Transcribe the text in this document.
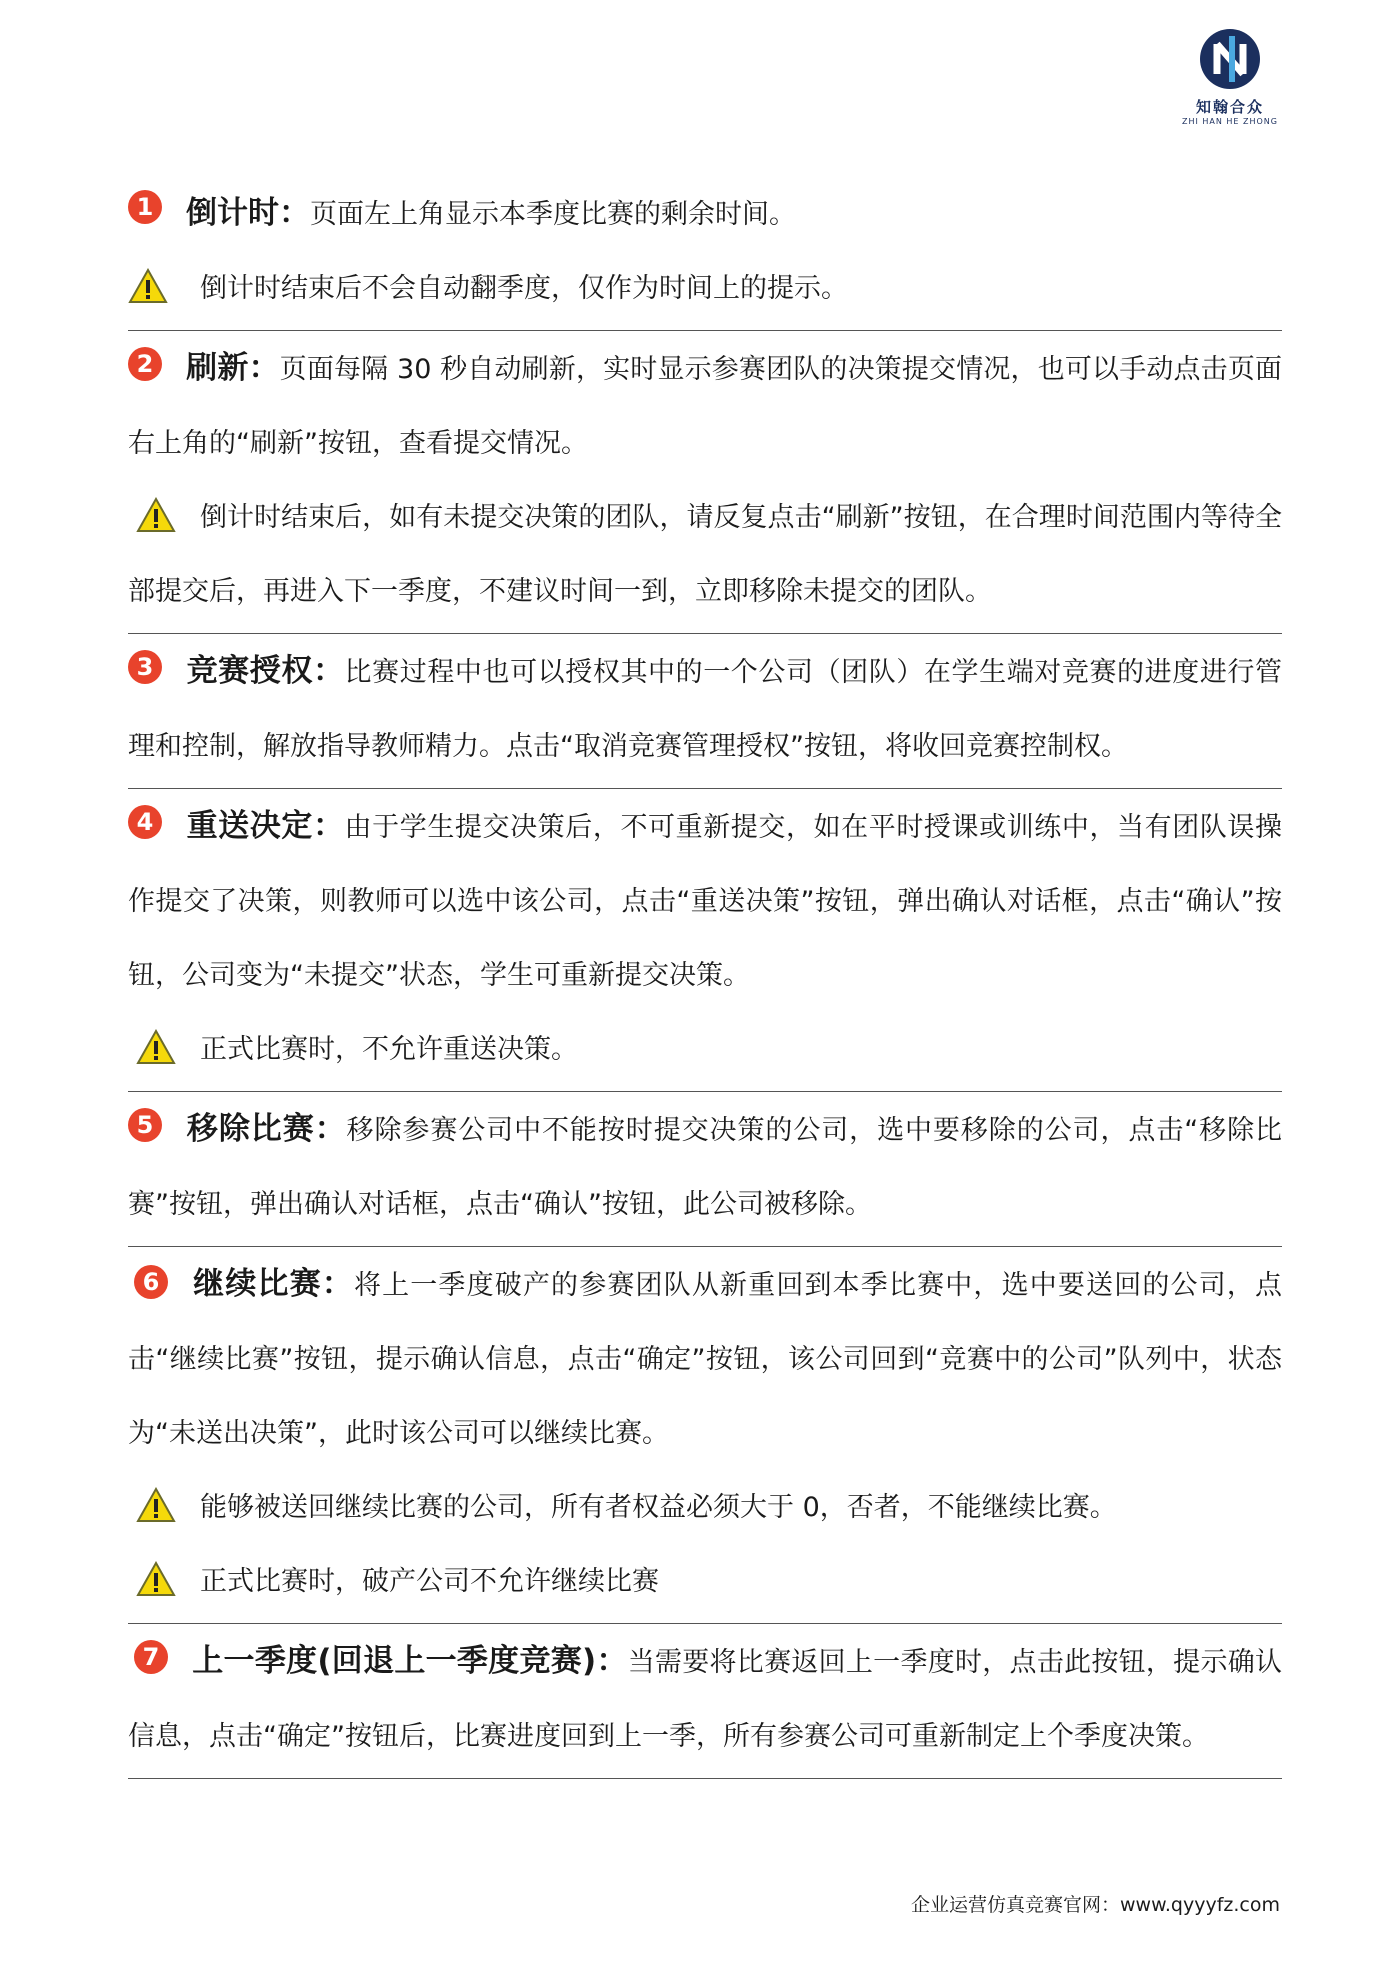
知翰合众
ZHI HAN HE ZHONG
1	倒计时：页面左上角显示本季度比赛的剩余时间。

倒计时结束后不会自动翻季度，仅作为时间上的提示。

2	刷新：页面每隔 30 秒自动刷新，实时显示参赛团队的决策提交情况，也可以手动点击页面右上角的“刷新”按钮，查看提交情况。

倒计时结束后，如有未提交决策的团队，请反复点击“刷新”按钮，在合理时间范围内等待全部提交后，再进入下一季度，不建议时间一到，立即移除未提交的团队。

3	竞赛授权：比赛过程中也可以授权其中的一个公司（团队）在学生端对竞赛的进度进行管理和控制，解放指导教师精力。点击“取消竞赛管理授权”按钮，将收回竞赛控制权。

4	重送决定：由于学生提交决策后，不可重新提交，如在平时授课或训练中，当有团队误操作提交了决策，则教师可以选中该公司，点击“重送决策”按钮，弹出确认对话框，点击“确认”按钮，公司变为“未提交”状态，学生可重新提交决策。

正式比赛时，不允许重送决策。

5	移除比赛：移除参赛公司中不能按时提交决策的公司，选中要移除的公司，点击“移除比赛”按钮，弹出确认对话框，点击“确认”按钮，此公司被移除。

6	继续比赛：将上一季度破产的参赛团队从新重回到本季比赛中，选中要送回的公司，点击“继续比赛”按钮，提示确认信息，点击“确定”按钮，该公司回到“竞赛中的公司”队列中，状态为“未送出决策”，此时该公司可以继续比赛。

能够被送回继续比赛的公司，所有者权益必须大于 0，否者，不能继续比赛。

正式比赛时，破产公司不允许继续比赛

7	上一季度(回退上一季度竞赛)：当需要将比赛返回上一季度时，点击此按钮，提示确认信息，点击“确定”按钮后，比赛进度回到上一季，所有参赛公司可重新制定上个季度决策。

企业运营仿真竞赛官网：www.qyyyfz.com
